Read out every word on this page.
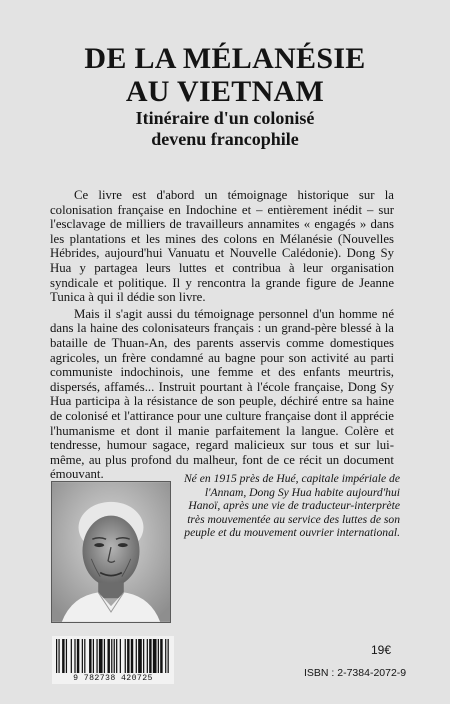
DE LA MÉLANÉSIE
AU VIETNAM
Itinéraire d'un colonisé
devenu francophile

Ce livre est d'abord un témoignage historique sur la colonisation française en Indochine et – entièrement inédit – sur l'esclavage de milliers de travailleurs annamites « engagés » dans les plantations et les mines des colons en Mélanésie (Nouvelles Hébrides, aujourd'hui Vanuatu et Nouvelle Calédonie). Dong Sy Hua y partagea leurs luttes et contribua à leur organisation syndicale et politique. Il y rencontra la grande figure de Jeanne Tunica à qui il dédie son livre.

Mais il s'agit aussi du témoignage personnel d'un homme né dans la haine des colonisateurs français : un grand-père blessé à la bataille de Thuan-An, des parents asservis comme domestiques agricoles, un frère condamné au bagne pour son activité au parti communiste indochinois, une femme et des enfants meurtris, dispersés, affamés... Instruit pourtant à l'école française, Dong Sy Hua participa à la résistance de son peuple, déchiré entre sa haine de colonisé et l'attirance pour une culture française dont il apprécie l'humanisme et dont il manie parfaitement la langue. Colère et tendresse, humour sagace, regard malicieux sur tous et sur lui-même, au plus profond du malheur, font de ce récit un document émouvant.	Né en 1915 près de Hué, capitale impériale de l'Annam, Dong Sy Hua habite aujourd'hui Hanoï, après une vie de traducteur-interprète très mouvementée au service des luttes de son peuple et du mouvement ouvrier international.
9 782738 420725
19€
ISBN : 2-7384-2072-9
